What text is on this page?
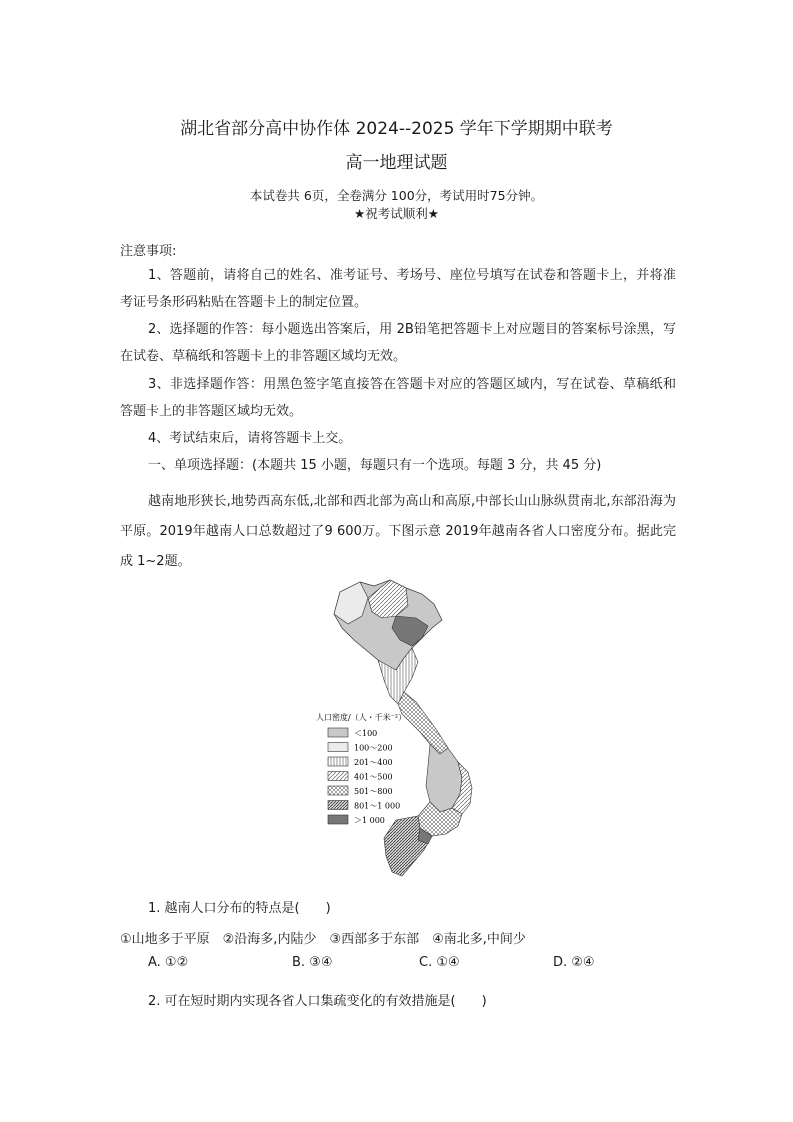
湖北省部分高中协作体 2024--2025 学年下学期期中联考
高一地理试题
本试卷共 6页，全卷满分 100分，考试用时75分钟。
★祝考试顺利★
注意事项:
1、答题前，请将自己的姓名、准考证号、考场号、座位号填写在试卷和答题卡上，并将准考证号条形码粘贴在答题卡上的制定位置。
2、选择题的作答：每小题选出答案后，用 2B铅笔把答题卡上对应题目的答案标号涂黑，写在试卷、草稿纸和答题卡上的非答题区域均无效。
3、非选择题作答：用黑色签字笔直接答在答题卡对应的答题区域内，写在试卷、草稿纸和答题卡上的非答题区域均无效。
4、考试结束后，请将答题卡上交。
一、单项选择题：(本题共 15 小题，每题只有一个选项。每题 3 分，共 45 分)
越南地形狭长,地势西高东低,北部和西北部为高山和高原,中部长山山脉纵贯南北,东部沿海为平原。2019年越南人口总数超过了9 600万。下图示意 2019年越南各省人口密度分布。据此完成 1~2题。
人口密度/（人・千米⁻²）
＜100
100～200
201～400
401～500
501～800
801～1 000
＞1 000
1. 越南人口分布的特点是(　　)
①山地多于平原　②沿海多,内陆少　③西部多于东部　④南北多,中间少
A. ①②	B. ③④	C. ①④	D. ②④
2. 可在短时期内实现各省人口集疏变化的有效措施是(　　)
